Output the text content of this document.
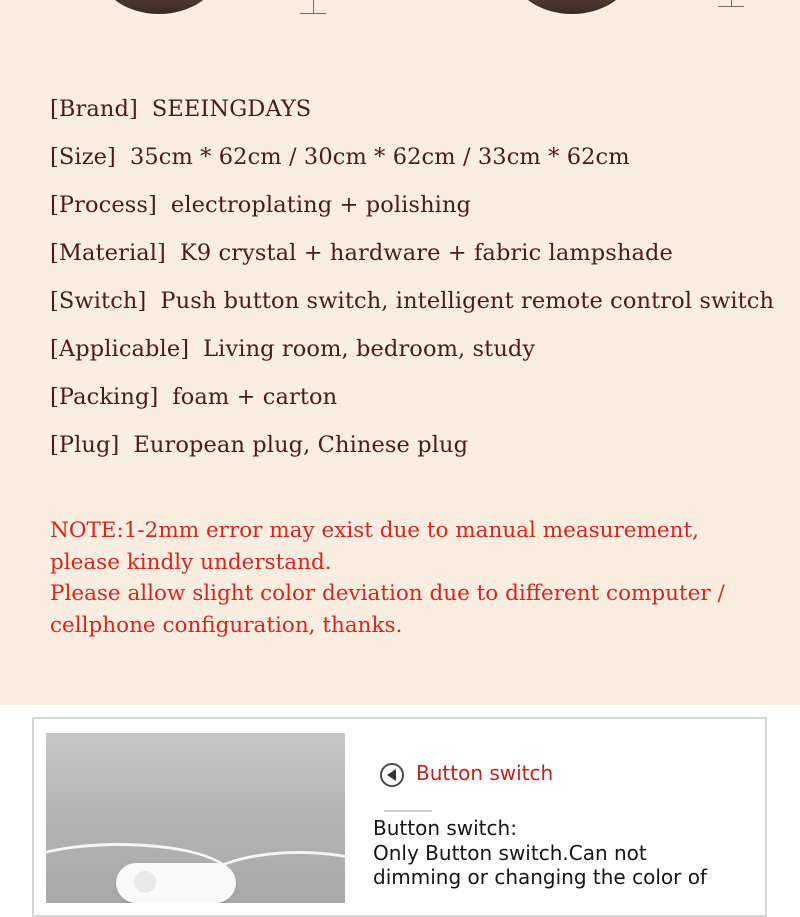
[Brand] SEEINGDAYS
[Size] 35cm * 62cm / 30cm * 62cm / 33cm * 62cm
[Process] electroplating + polishing
[Material] K9 crystal + hardware + fabric lampshade
[Switch] Push button switch, intelligent remote control switch
[Applicable] Living room, bedroom, study
[Packing] foam + carton
[Plug] European plug, Chinese plug
NOTE:1-2mm error may exist due to manual measurement,
please kindly understand.
Please allow slight color deviation due to different computer /
cellphone configuration, thanks.
Button switch
Button switch:
Only Button switch.Can not
dimming or changing the color of
